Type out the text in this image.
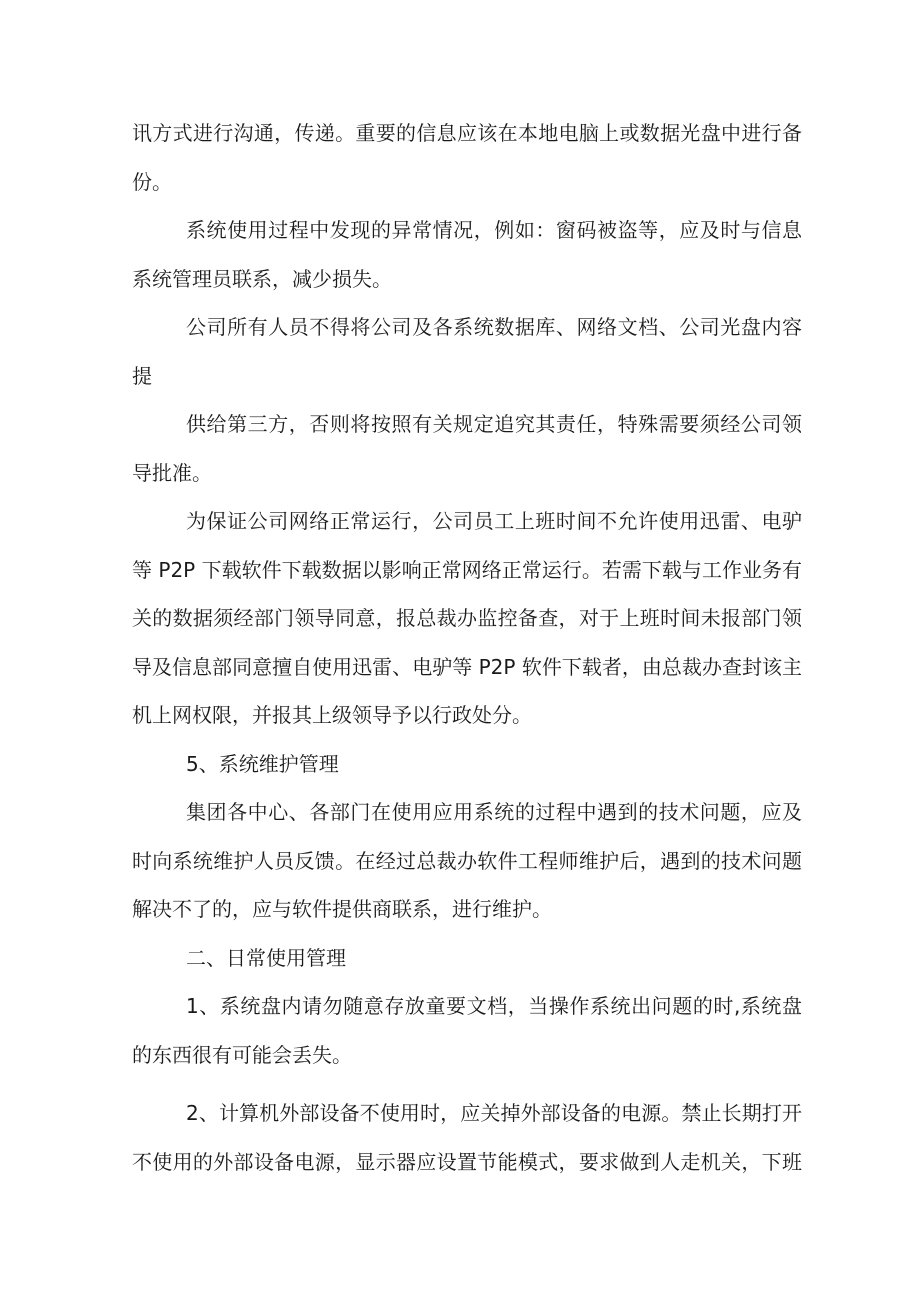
讯方式进行沟通，传递。重要的信息应该在本地电脑上或数据光盘中进行备
份。
系统使用过程中发现的异常情况，例如：窗码被盗等，应及时与信息
系统管理员联系，减少损失。
公司所有人员不得将公司及各系统数据库、网络文档、公司光盘内容
提
供给第三方，否则将按照有关规定追究其责任，特殊需要须经公司领
导批准。
为保证公司网络正常运行，公司员工上班时间不允许使用迅雷、电驴
等 P2P 下载软件下载数据以影响正常网络正常运行。若需下载与工作业务有
关的数据须经部门领导同意，报总裁办监控备查，对于上班时间未报部门领
导及信息部同意擅自使用迅雷、电驴等 P2P 软件下载者，由总裁办查封该主
机上网权限，并报其上级领导予以行政处分。
5、系统维护管理
集团各中心、各部门在使用应用系统的过程中遇到的技术问题，应及
时向系统维护人员反馈。在经过总裁办软件工程师维护后，遇到的技术问题
解决不了的，应与软件提供商联系，进行维护。
二、日常使用管理
1、系统盘内请勿随意存放童要文档，当操作系统出问题的时,系统盘
的东西很有可能会丢失。
2、计算机外部设备不使用时，应关掉外部设备的电源。禁止长期打开
不使用的外部设备电源，显示器应设置节能模式，要求做到人走机关，下班
